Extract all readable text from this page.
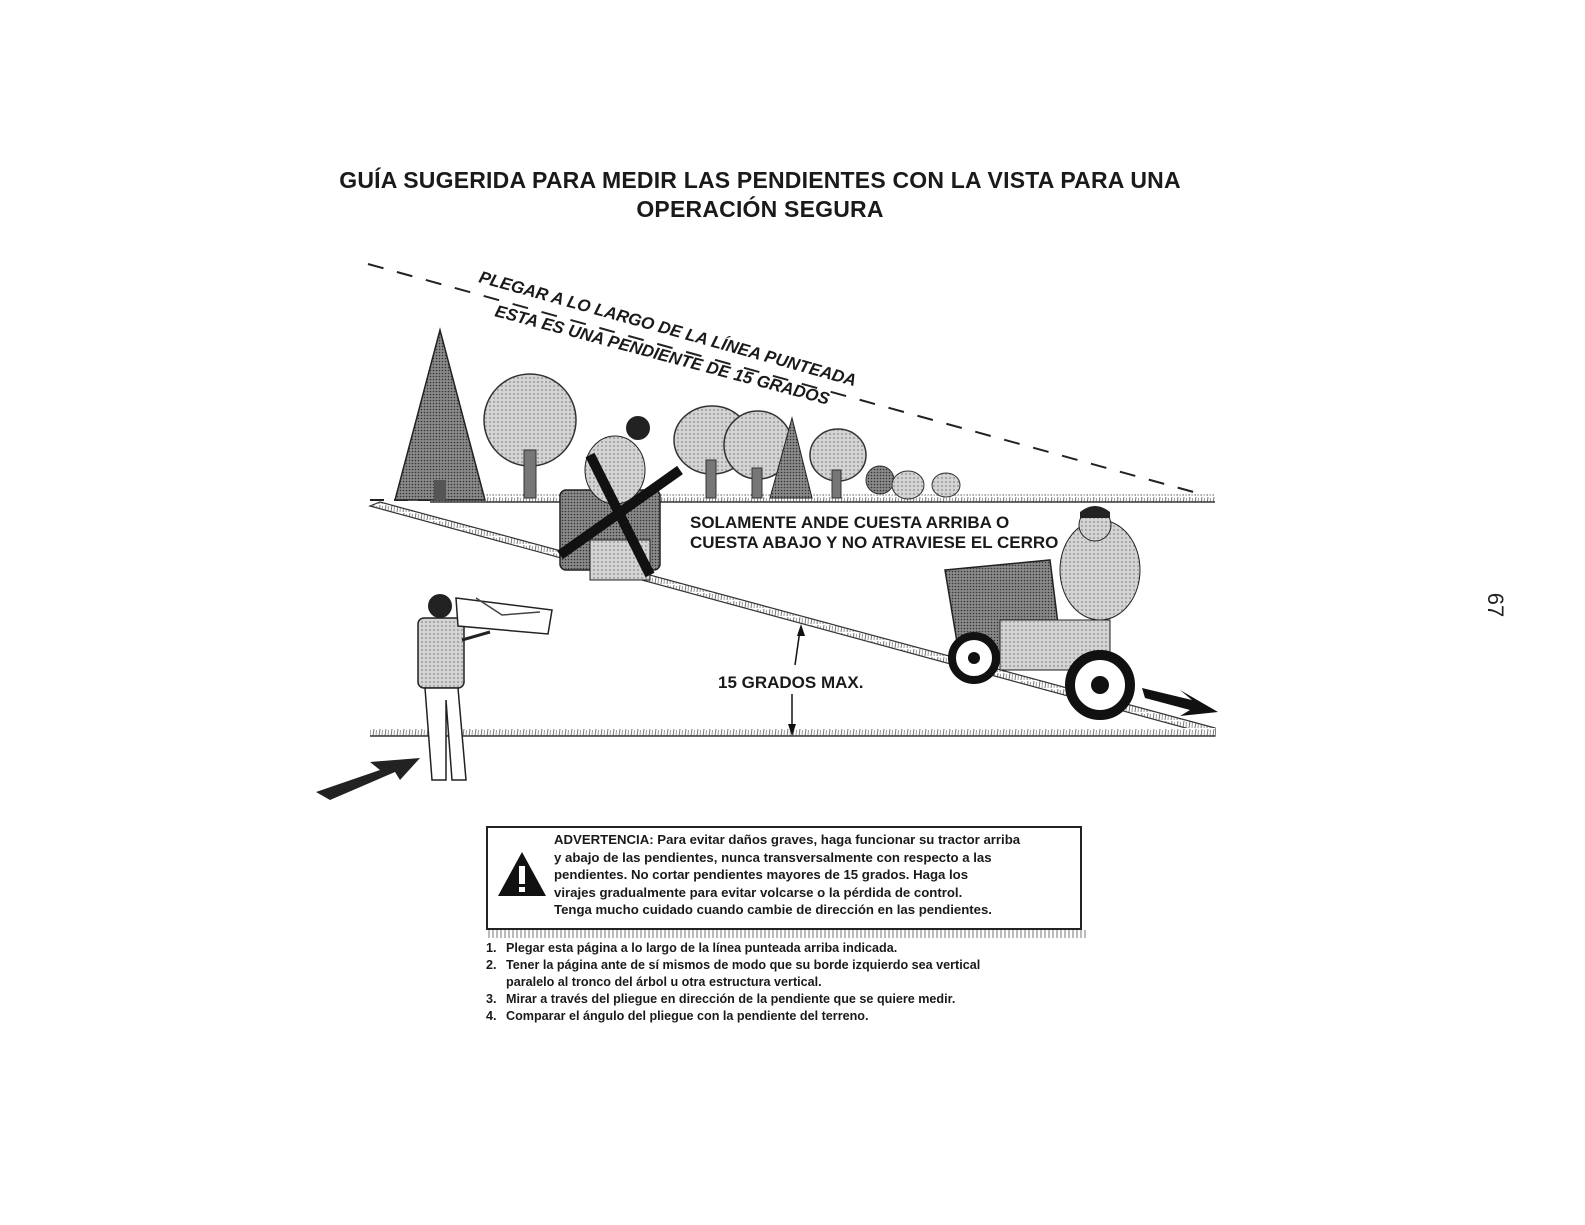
GUÍA SUGERIDA PARA MEDIR LAS PENDIENTES CON LA VISTA PARA UNA
OPERACIÓN SEGURA
PLEGAR A LO LARGO DE LA LÍNEA PUNTEADA
ESTA ES UNA PENDIENTE DE 15 GRADOS
SOLAMENTE ANDE CUESTA ARRIBA O
CUESTA ABAJO Y NO ATRAVIESE EL CERRO
15 GRADOS MAX.
ADVERTENCIA: Para evitar daños graves, haga funcionar su tractor arriba
y abajo de las pendientes, nunca transversalmente con respecto a las
pendientes. No cortar pendientes mayores de 15 grados. Haga los
virajes gradualmente para evitar volcarse o la pérdida de control.
Tenga mucho cuidado cuando cambie de dirección en las pendientes.
1. Plegar esta página a lo largo de la línea punteada arriba indicada.
2. Tener la página ante de sí mismos de modo que su borde izquierdo sea vertical
paralelo al tronco del árbol u otra estructura vertical.
3. Mirar a través del pliegue en dirección de la pendiente que se quiere medir.
4. Comparar el ángulo del pliegue con la pendiente del terreno.
67
